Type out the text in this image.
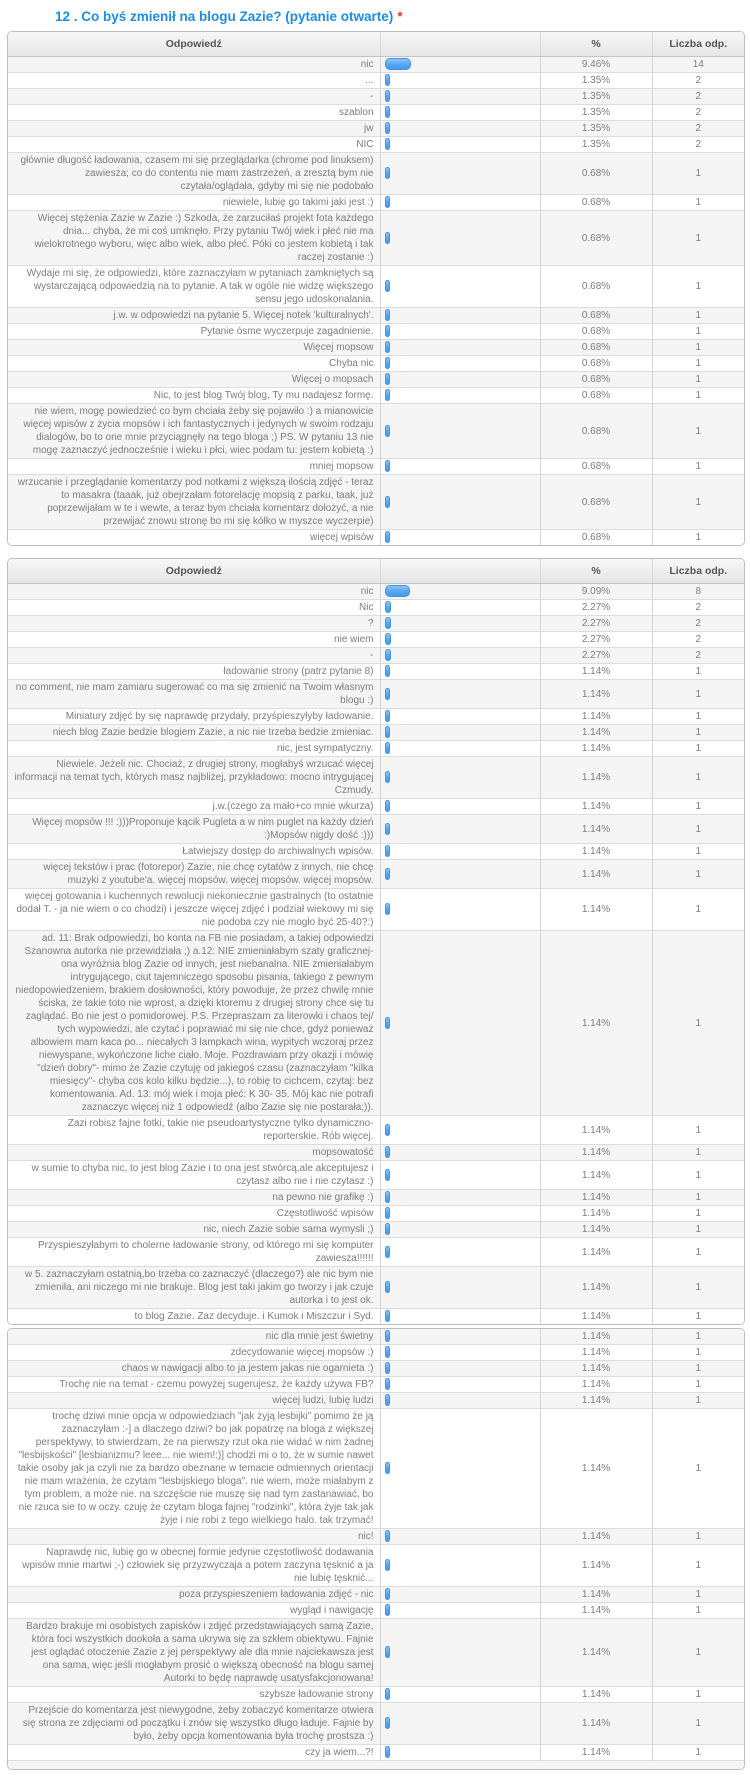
12 . Co byś zmienił na blogu Zazie? (pytanie otwarte) *
Odpowiedź		%	Liczba odp.
nic		9.46%	14
...		1.35%	2
-		1.35%	2
szablon		1.35%	2
jw		1.35%	2
NIC		1.35%	2
głównie długość ładowania, czasem mi się przeglądarka (chrome pod linuksem) zawiesza; co do contentu nie mam zastrzeżeń, a zresztą bym nie czytała/oglądała, gdyby mi się nie podobało		0.68%	1
niewiele, lubię go takimi jaki jest :)		0.68%	1
Więcej stężenia Zazie w Zazie :) Szkoda, że zarzuciłaś projekt fota każdego dnia... chyba, że mi coś umknęło. Przy pytaniu Twój wiek i płeć nie ma wielokrotnego wyboru, więc albo wiek, albo płeć. Póki co jestem kobietą i tak raczej zostanie :)		0.68%	1
Wydaje mi się, że odpowiedzi, które zaznaczyłam w pytaniach zamkniętych są wystarczającą odpowiedzią na to pytanie. A tak w ogóle nie widzę większego sensu jego udoskonalania.		0.68%	1
j.w. w odpowiedzi na pytanie 5. Więcej notek 'kulturalnych'.		0.68%	1
Pytanie ósme wyczerpuje zagadnienie.		0.68%	1
Więcej mopsow		0.68%	1
Chyba nic		0.68%	1
Więcej o mopsach		0.68%	1
Nic, to jest blog Twój blog, Ty mu nadajesz formę.		0.68%	1
nie wiem, mogę powiedzieć co bym chciała żeby się pojawiło :) a mianowicie więcej wpisów z życia mopsów i ich fantastycznych i jedynych w swoim rodzaju dialogów, bo to one mnie przyciągnęły na tego bloga ;) PS. W pytaniu 13 nie mogę zaznaczyć jednocześnie i wieku i płci, wiec podam tu: jestem kobietą :)		0.68%	1
mniej mopsow		0.68%	1
wrzucanie i przeglądanie komentarzy pod notkami z większą ilością zdjęć - teraz to masakra (taaak, już obejrzałam fotorelację mopsią z parku, taak, już poprzewijałam w te i wewte, a teraz bym chciała komentarz dołożyć, a nie przewijać znowu stronę bo mi się kółko w myszce wyczerpie)		0.68%	1
więcej wpisów		0.68%	1
Odpowiedź		%	Liczba odp.
nic		9.09%	8
Nic		2.27%	2
?		2.27%	2
nie wiem		2.27%	2
-		2.27%	2
ładowanie strony (patrz pytanie 8)		1.14%	1
no comment, nie mam zamiaru sugerować co ma się zmienić na Twoim własnym blogu :)		1.14%	1
Miniatury zdjęć by się naprawdę przydały, przyśpieszyłyby ładowanie.		1.14%	1
niech blog Zazie bedzie blogiem Zazie, a nic nie trzeba bedzie zmieniac.		1.14%	1
nic, jest sympatyczny.		1.14%	1
Niewiele. Jeżeli nic. Chociaż, z drugiej strony, mogłabyś wrzucać więcej informacji na temat tych, których masz najbliżej, przykładowo: mocno intrygującej Czmudy.		1.14%	1
j.w.(czego za mało+co mnie wkurza)		1.14%	1
Więcej mopsów !!! :)))Proponuje kącik Pugleta a w nim puglet na każdy dzień :)Mopsów nigdy dość :)))		1.14%	1
Łatwiejszy dostęp do archiwalnych wpisów.		1.14%	1
więcej tekstów i prac (fotorepor) Zazie, nie chcę cytatów z innych, nie chcę muzyki z youtube'a. więcej mopsów. więcej mopsów. więcej mopsów.		1.14%	1
więcej gotowania i kuchennych rewolucji niekoniecznie gastralnych (to ostatnie dodał T. - ja nie wiem o co chodzi) i jeszcze więcej zdjęć i podział wiekowy mi się nie podoba czy nie mogło być 25-40?:)		1.14%	1
ad. 11: Brak odpowiedzi, bo konta na FB nie posiadam, a takiej odpowiedzi Szanowna autorka nie przewidziała ;) a.12: NIE zmieniałabym szaty graficznej- ona wyróżnia blog Zazie od innych, jest niebanalna. NIE zmieniałabym intrygującego, ciut tajemniczego sposobu pisania, takiego z pewnym niedopowiedzeniem, brakiem dosłowności, który powoduje, że przez chwilę mnie ściska, że takie toto nie wprost, a dzięki ktoremu z drugiej strony chce się tu zaglądać. Bo nie jest o pomidorowej. P.S. Przepraszam za literowki i chaos tej/ tych wypowiedzi, ale czytać i poprawiać mi się nie chce, gdyż ponieważ albowiem mam kaca po... niecałych 3 lampkach wina, wypitych wczoraj przez niewyspane, wykończone liche ciało. Moje. Pozdrawiam przy okazji i mówię "dzień dobry"- mimo że Zazie czytuję od jakiegoś czasu (zaznaczyłam "kilka miesięcy"- chyba cos kolo kilku będzie...), to robię to cichcem, czytaj: bez komentowania. Ad. 13: mój wiek i moja płeć: K 30- 35. Mój kac nie potrafi zaznaczyc więcej niż 1 odpowiedź (albo Zazie się nie postarała;)).		1.14%	1
Zazi robisz fajne fotki, takie nie pseudoartystyczne tylko dynamiczno-reporterskie. Rób więcej.		1.14%	1
mopsowatość		1.14%	1
w sumie to chyba nic, to jest blog Zazie i to ona jest stwórcą,ale akceptujesz i czytasz albo nie i nie czytasz :)		1.14%	1
na pewno nie grafikę :)		1.14%	1
Częstotliwość wpisów		1.14%	1
nic, niech Zazie sobie sama wymysli ;)		1.14%	1
Przyspieszyłabym to cholerne ładowanie strony, od którego mi się komputer zawiesza!!!!!!		1.14%	1
w 5. zaznaczyłam ostatnią,bo trzeba co zaznaczyć (dlaczego?) ale nic bym nie zmieniła, ani niczego mi nie brakuje. Blog jest taki jakim go tworzy i jak czuje autorka i to jest ok.		1.14%	1
to blog Zazie. Zaz decyduje. i Kumok i Miszczur i Syd.		1.14%	1
nic dla mnie jest świetny		1.14%	1
zdecydowanie więcej mopsów :)		1.14%	1
chaos w nawigacji albo to ja jestem jakas nie ogarnieta :)		1.14%	1
Trochę nie na temat - czemu powyżej sugerujesz, że każdy używa FB?		1.14%	1
więcej ludzi, lubię ludzi		1.14%	1
trochę dziwi mnie opcja w odpowiedziach "jak żyją lesbijki" pomimo że ją zaznaczyłam :-] a dlaczego dziwi? bo jak popatrzę na bloga z większej perspektywy, to stwierdzam, że na pierwszy rzut oka nie widać w nim żadnej "lesbijskości" [lesbianizmu? leee... nie wiem!:)] chodzi mi o to, że w sumie nawet takie osoby jak ja czyli nie za bardzo obeznane w temacie odmiennych orientacji nie mam wrażenia, że czytam "lesbijskiego bloga". nie wiem, może miałabym z tym problem, a może nie. na szczęście nie muszę się nad tym zastanawiać, bo nie rzuca sie to w oczy. czuję że czytam bloga fajnej "rodzinki", która żyje tak jak żyje i nie robi z tego wielkiego halo. tak trzymać!		1.14%	1
nic!		1.14%	1
Naprawdę nic, lubię go w obecnej formie jedynie częstotliwość dodawania wpisów mnie martwi ;-) człowiek się przyzwyczaja a potem zaczyna tęsknić a ja nie lubię tęsknić...		1.14%	1
poza przyspieszeniem ładowania zdjęć - nic		1.14%	1
wygląd i nawigację		1.14%	1
Bardzo brakuje mi osobistych zapisków i zdjęć przedstawiających samą Zazie, która foci wszystkich dookoła a sama ukrywa się za szkłem obiektywu. Fajnie jest oglądać otoczenie Zazie z jej perspektywy ale dla mnie najciekawsza jest ona sama, więc jeśli mogłabym prosić o większą obecność na blogu samej Autorki to będę naprawdę usatysfakcjonowana!		1.14%	1
szybsze ładowanie strony		1.14%	1
Przejście do komentarza jest niewygodne, żeby zobaczyć komentarze otwiera się strona ze zdjęciami od początku i znów się wszystko długo ładuje. Fajnie by było, żeby opcja komentowania była trochę prostsza :)		1.14%	1
czy ja wiem...?!		1.14%	1
